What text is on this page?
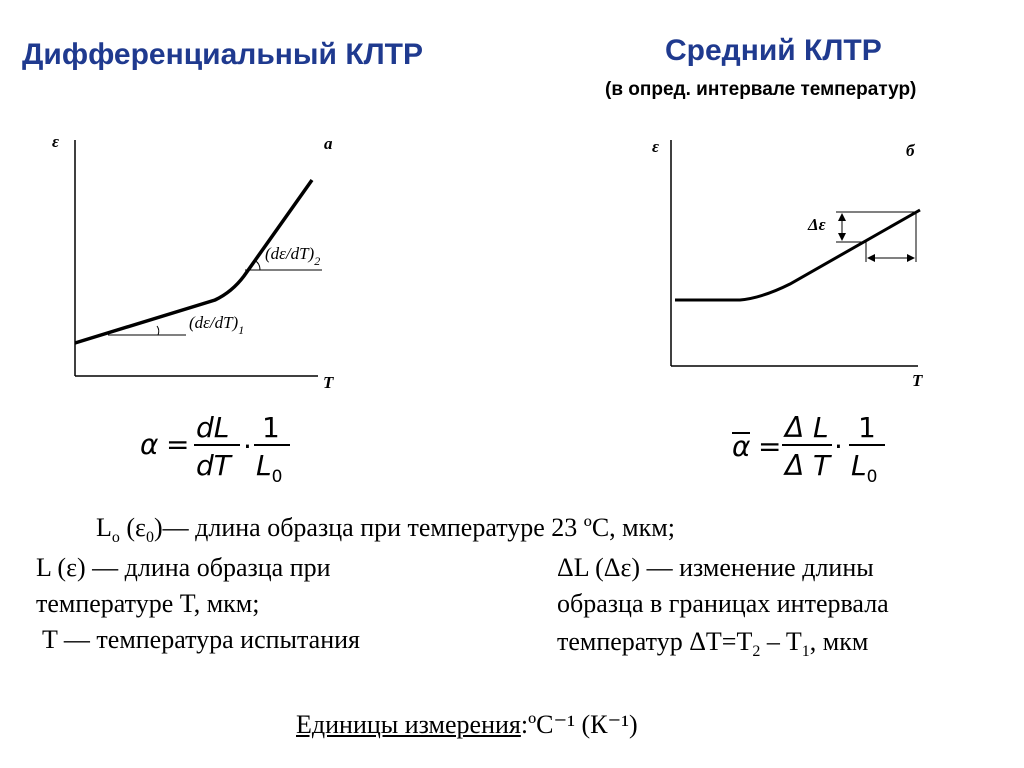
Дифференциальный КЛТР	Средний КЛТР
(в опред. интервале температур)
ε
T
а
$(d\varepsilon/dT)_1$
$(d\varepsilon/dT)_2$
ε
T
б
Δε
α =
dL
dT
·
1
$L_0$
α =
Δ L
Δ T
·
1
$L_0$
$L_o$ $(\varepsilon_0)—$ длина образца при температуре 23 ºС, мкм;
L (ε) — длина образца при
температуре T, мкм;
T — температура испытания
ΔL (Δε) — изменение длины
образца в границах интервала
температур $\Delta T=T_2 - T_1$, мкм
Единицы измерения:ºС⁻¹ (К⁻¹)
